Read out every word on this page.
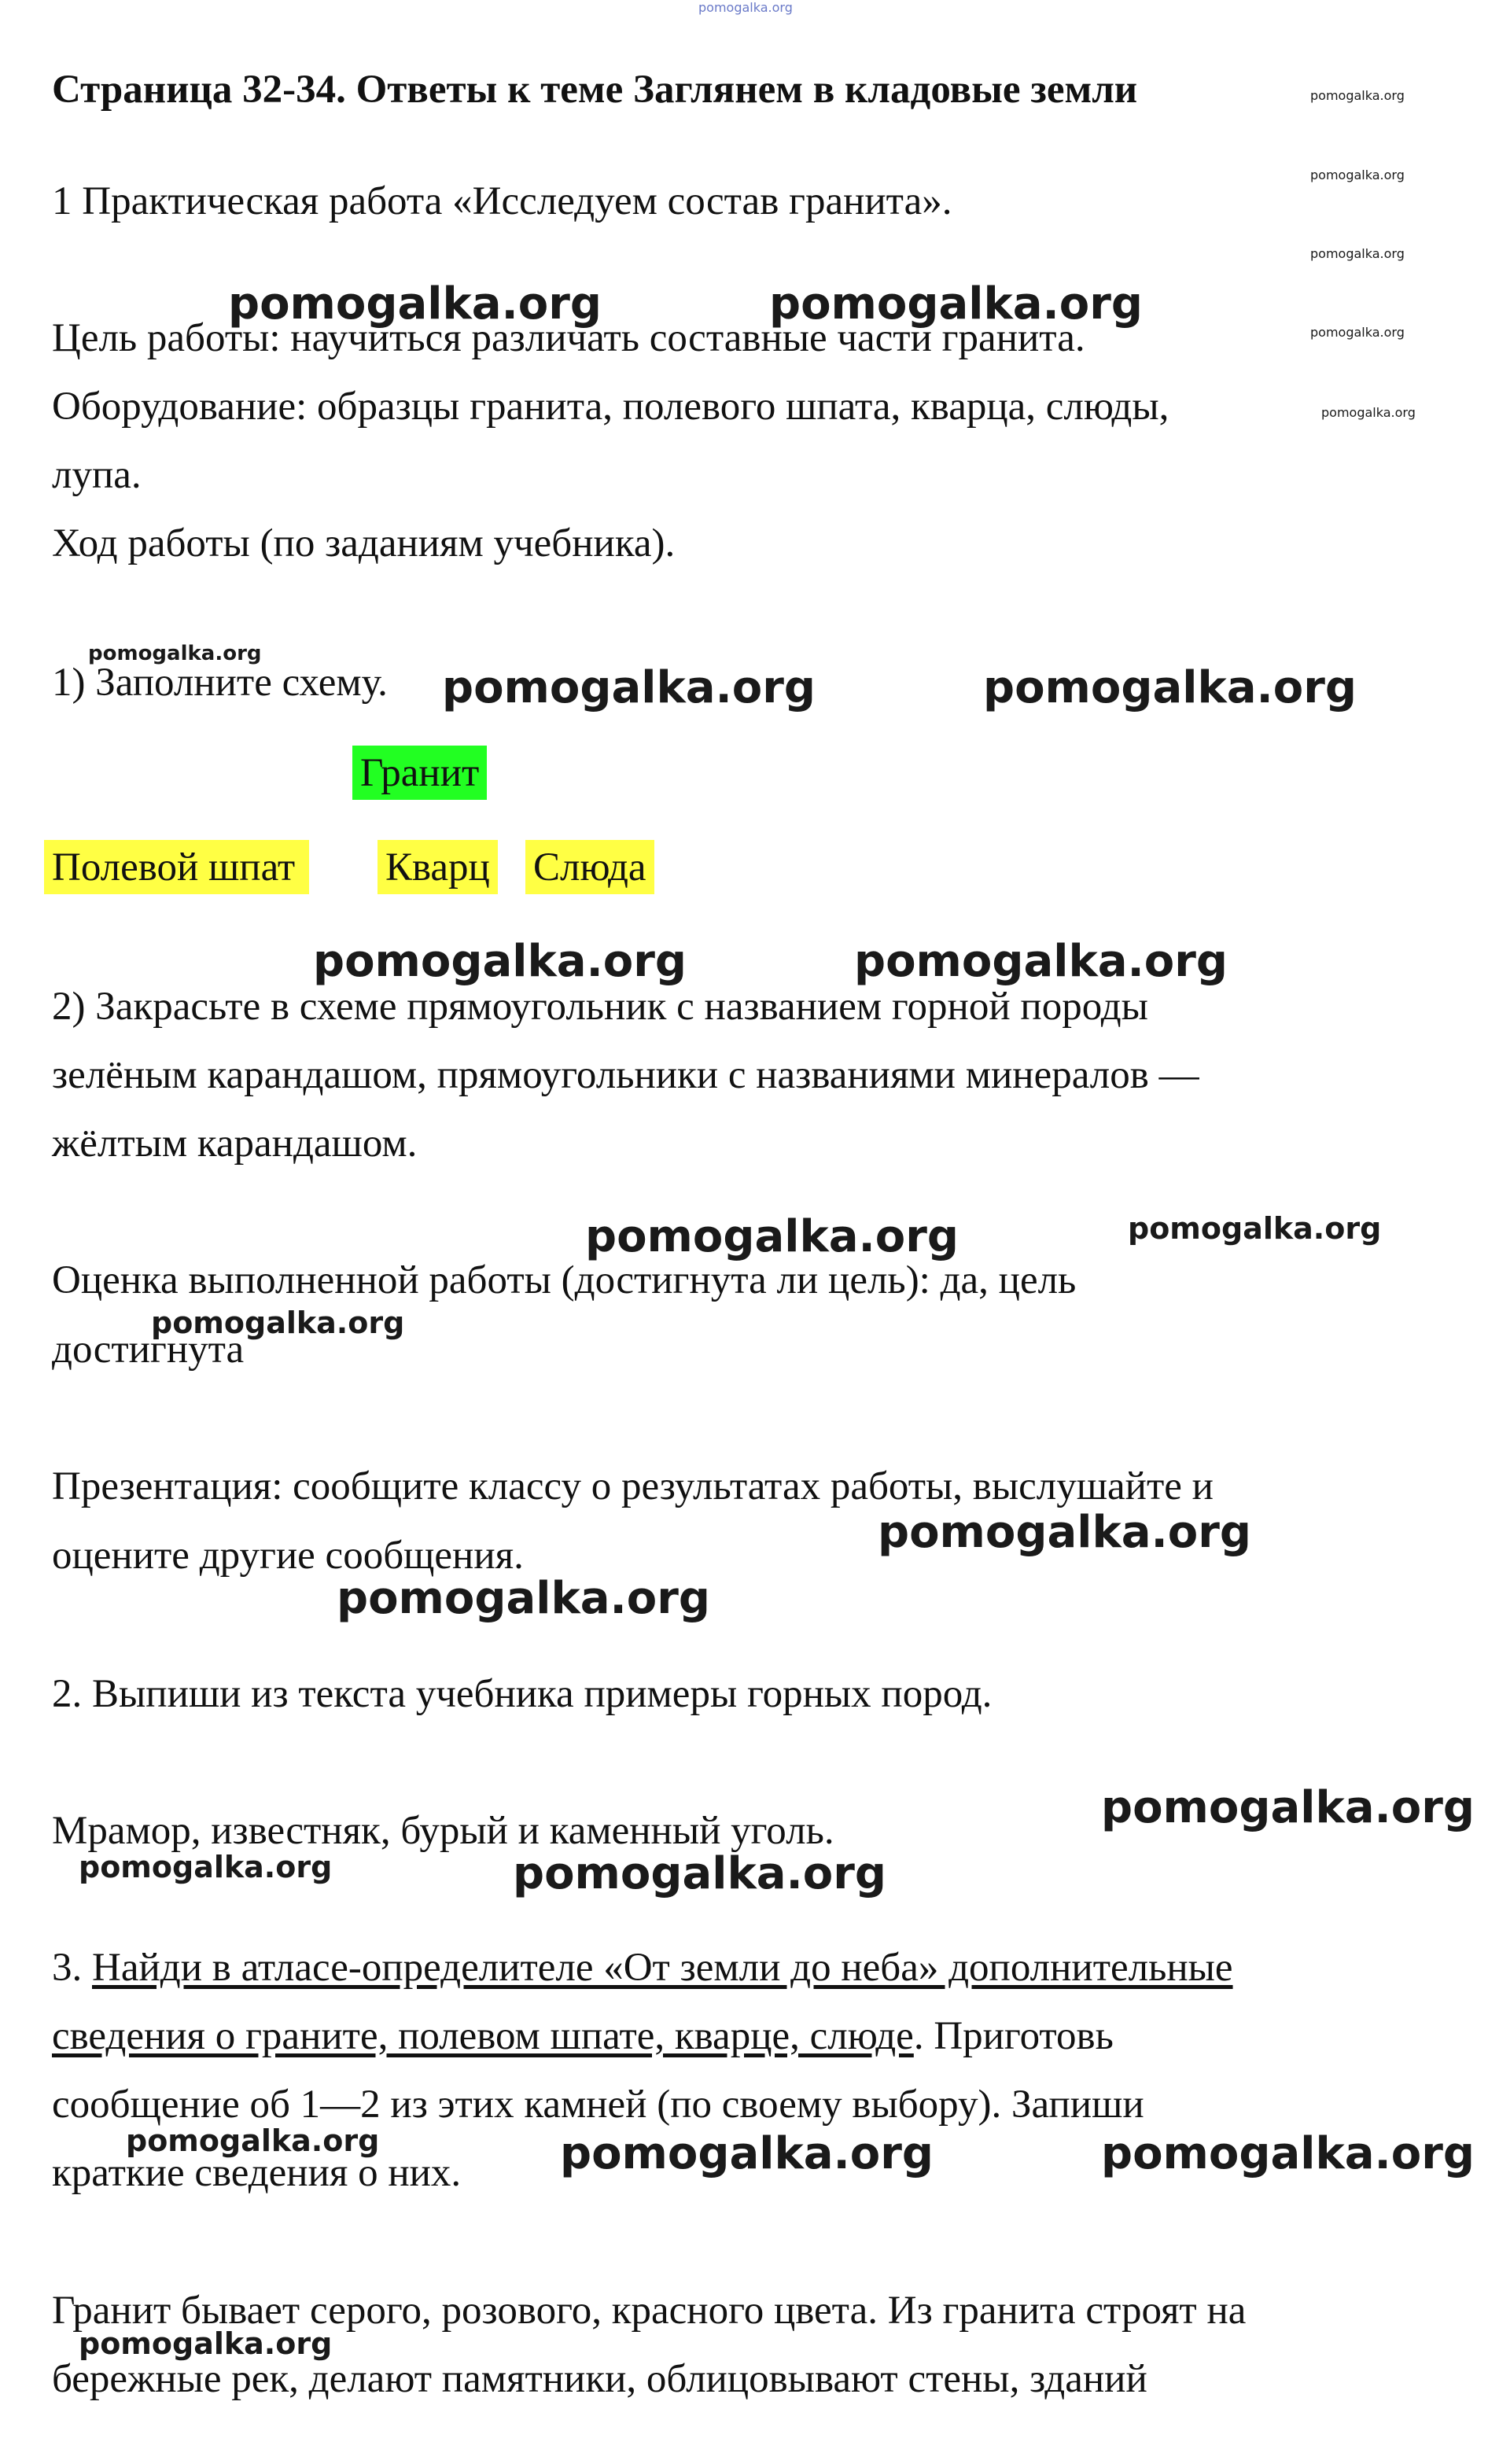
pomogalka.org
Страница 32-34. Ответы к теме Заглянем в кладовые земли	pomogalka.org
pomogalka.org
pomogalka.org
pomogalka.org
pomogalka.org
1 Практическая работа «Исследуем состав гранита».
pomogalka.org	pomogalka.org
Цель работы: научиться различать составные части гранита.
Оборудование: образцы гранита, полевого шпата, кварца, слюды,
лупа.
Ход работы (по заданиям учебника).
pomogalka.org
1) Заполните схему. pomogalka.org	pomogalka.org
Гранит
Полевой шпат	Кварц Слюда
pomogalka.org	pomogalka.org
2) Закрасьте в схеме прямоугольник с названием горной породы
зелёным карандашом, прямоугольники с названиями минералов —
жёлтым карандашом.
pomogalka.org	pomogalka.org
Оценка выполненной работы (достигнута ли цель): да, цель
pomogalka.org
достигнута
Презентация: сообщите классу о результатах работы, выслушайте и
pomogalka.org
оцените другие сообщения.
pomogalka.org
2. Выпиши из текста учебника примеры горных пород.
pomogalka.org
Мрамор, известняк, бурый и каменный уголь.
pomogalka.org	pomogalka.org
3. Найди в атласе-определителе «От земли до неба» дополнительные
сведения о граните, полевом шпате, кварце, слюде. Приготовь
сообщение об 1—2 из этих камней (по своему выбору). Запиши
pomogalka.org	pomogalka.org	pomogalka.org
краткие сведения о них.
Гранит бывает серого, розового, красного цвета. Из гранита строят на
pomogalka.org
бережные рек, делают памятники, облицовывают стены, зданий
